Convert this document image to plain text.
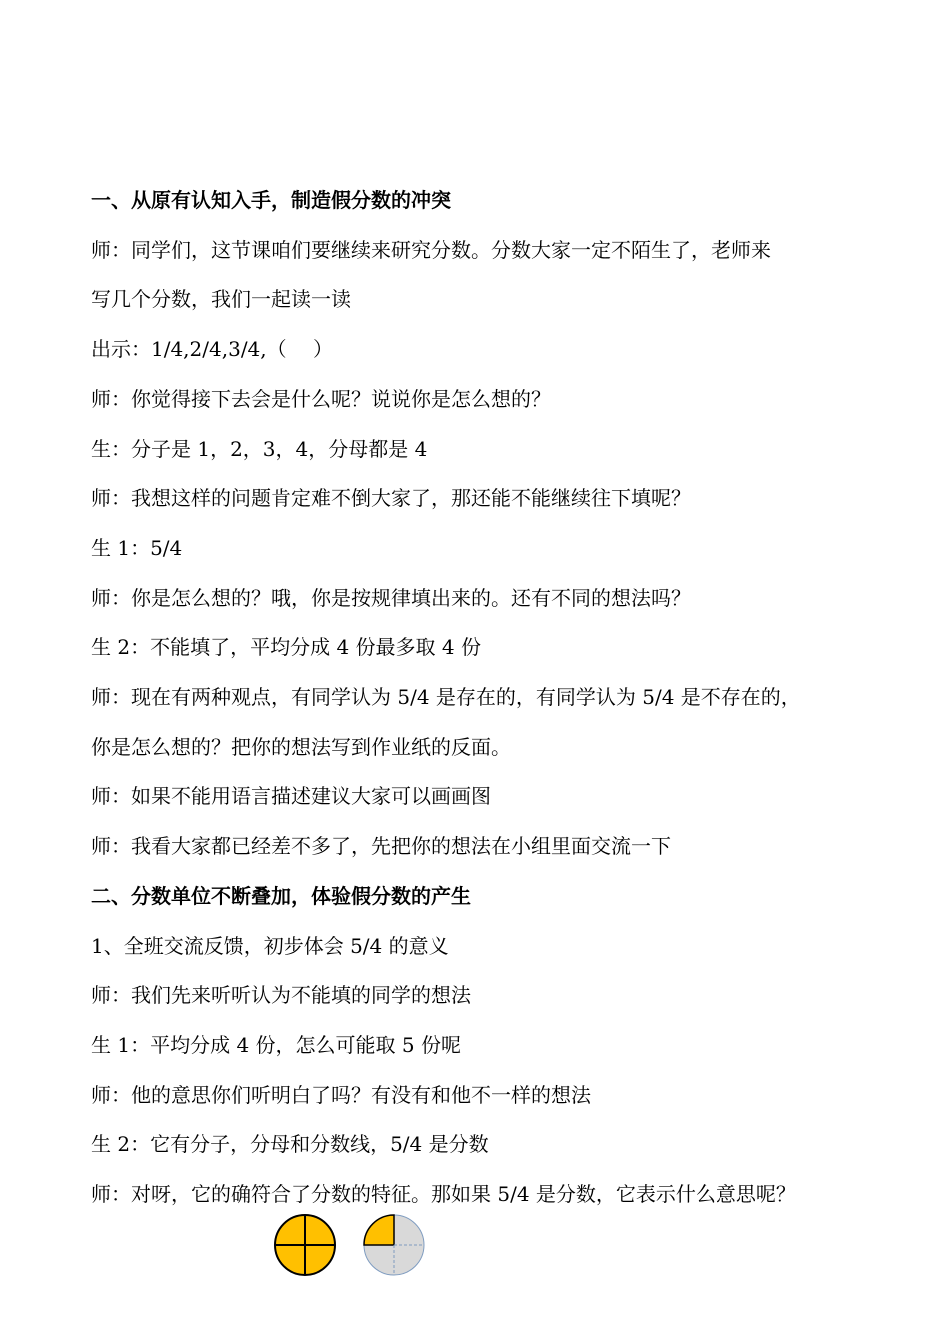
一、从原有认知入手，制造假分数的冲突
师：同学们，这节课咱们要继续来研究分数。分数大家一定不陌生了，老师来
写几个分数，我们一起读一读
出示：1/4,2/4,3/4,（　 ）
师：你觉得接下去会是什么呢？说说你是怎么想的？
生：分子是 1，2，3，4，分母都是 4
师：我想这样的问题肯定难不倒大家了，那还能不能继续往下填呢？
生 1：5/4
师：你是怎么想的？哦，你是按规律填出来的。还有不同的想法吗？
生 2：不能填了，平均分成 4 份最多取 4 份
师：现在有两种观点，有同学认为 5/4 是存在的，有同学认为 5/4 是不存在的，
你是怎么想的？把你的想法写到作业纸的反面。
师：如果不能用语言描述建议大家可以画画图
师：我看大家都已经差不多了，先把你的想法在小组里面交流一下
二、分数单位不断叠加，体验假分数的产生
1、全班交流反馈，初步体会 5/4 的意义
师：我们先来听听认为不能填的同学的想法
生 1：平均分成 4 份，怎么可能取 5 份呢
师：他的意思你们听明白了吗？有没有和他不一样的想法
生 2：它有分子，分母和分数线，5/4 是分数
师：对呀，它的确符合了分数的特征。那如果 5/4 是分数，它表示什么意思呢？
